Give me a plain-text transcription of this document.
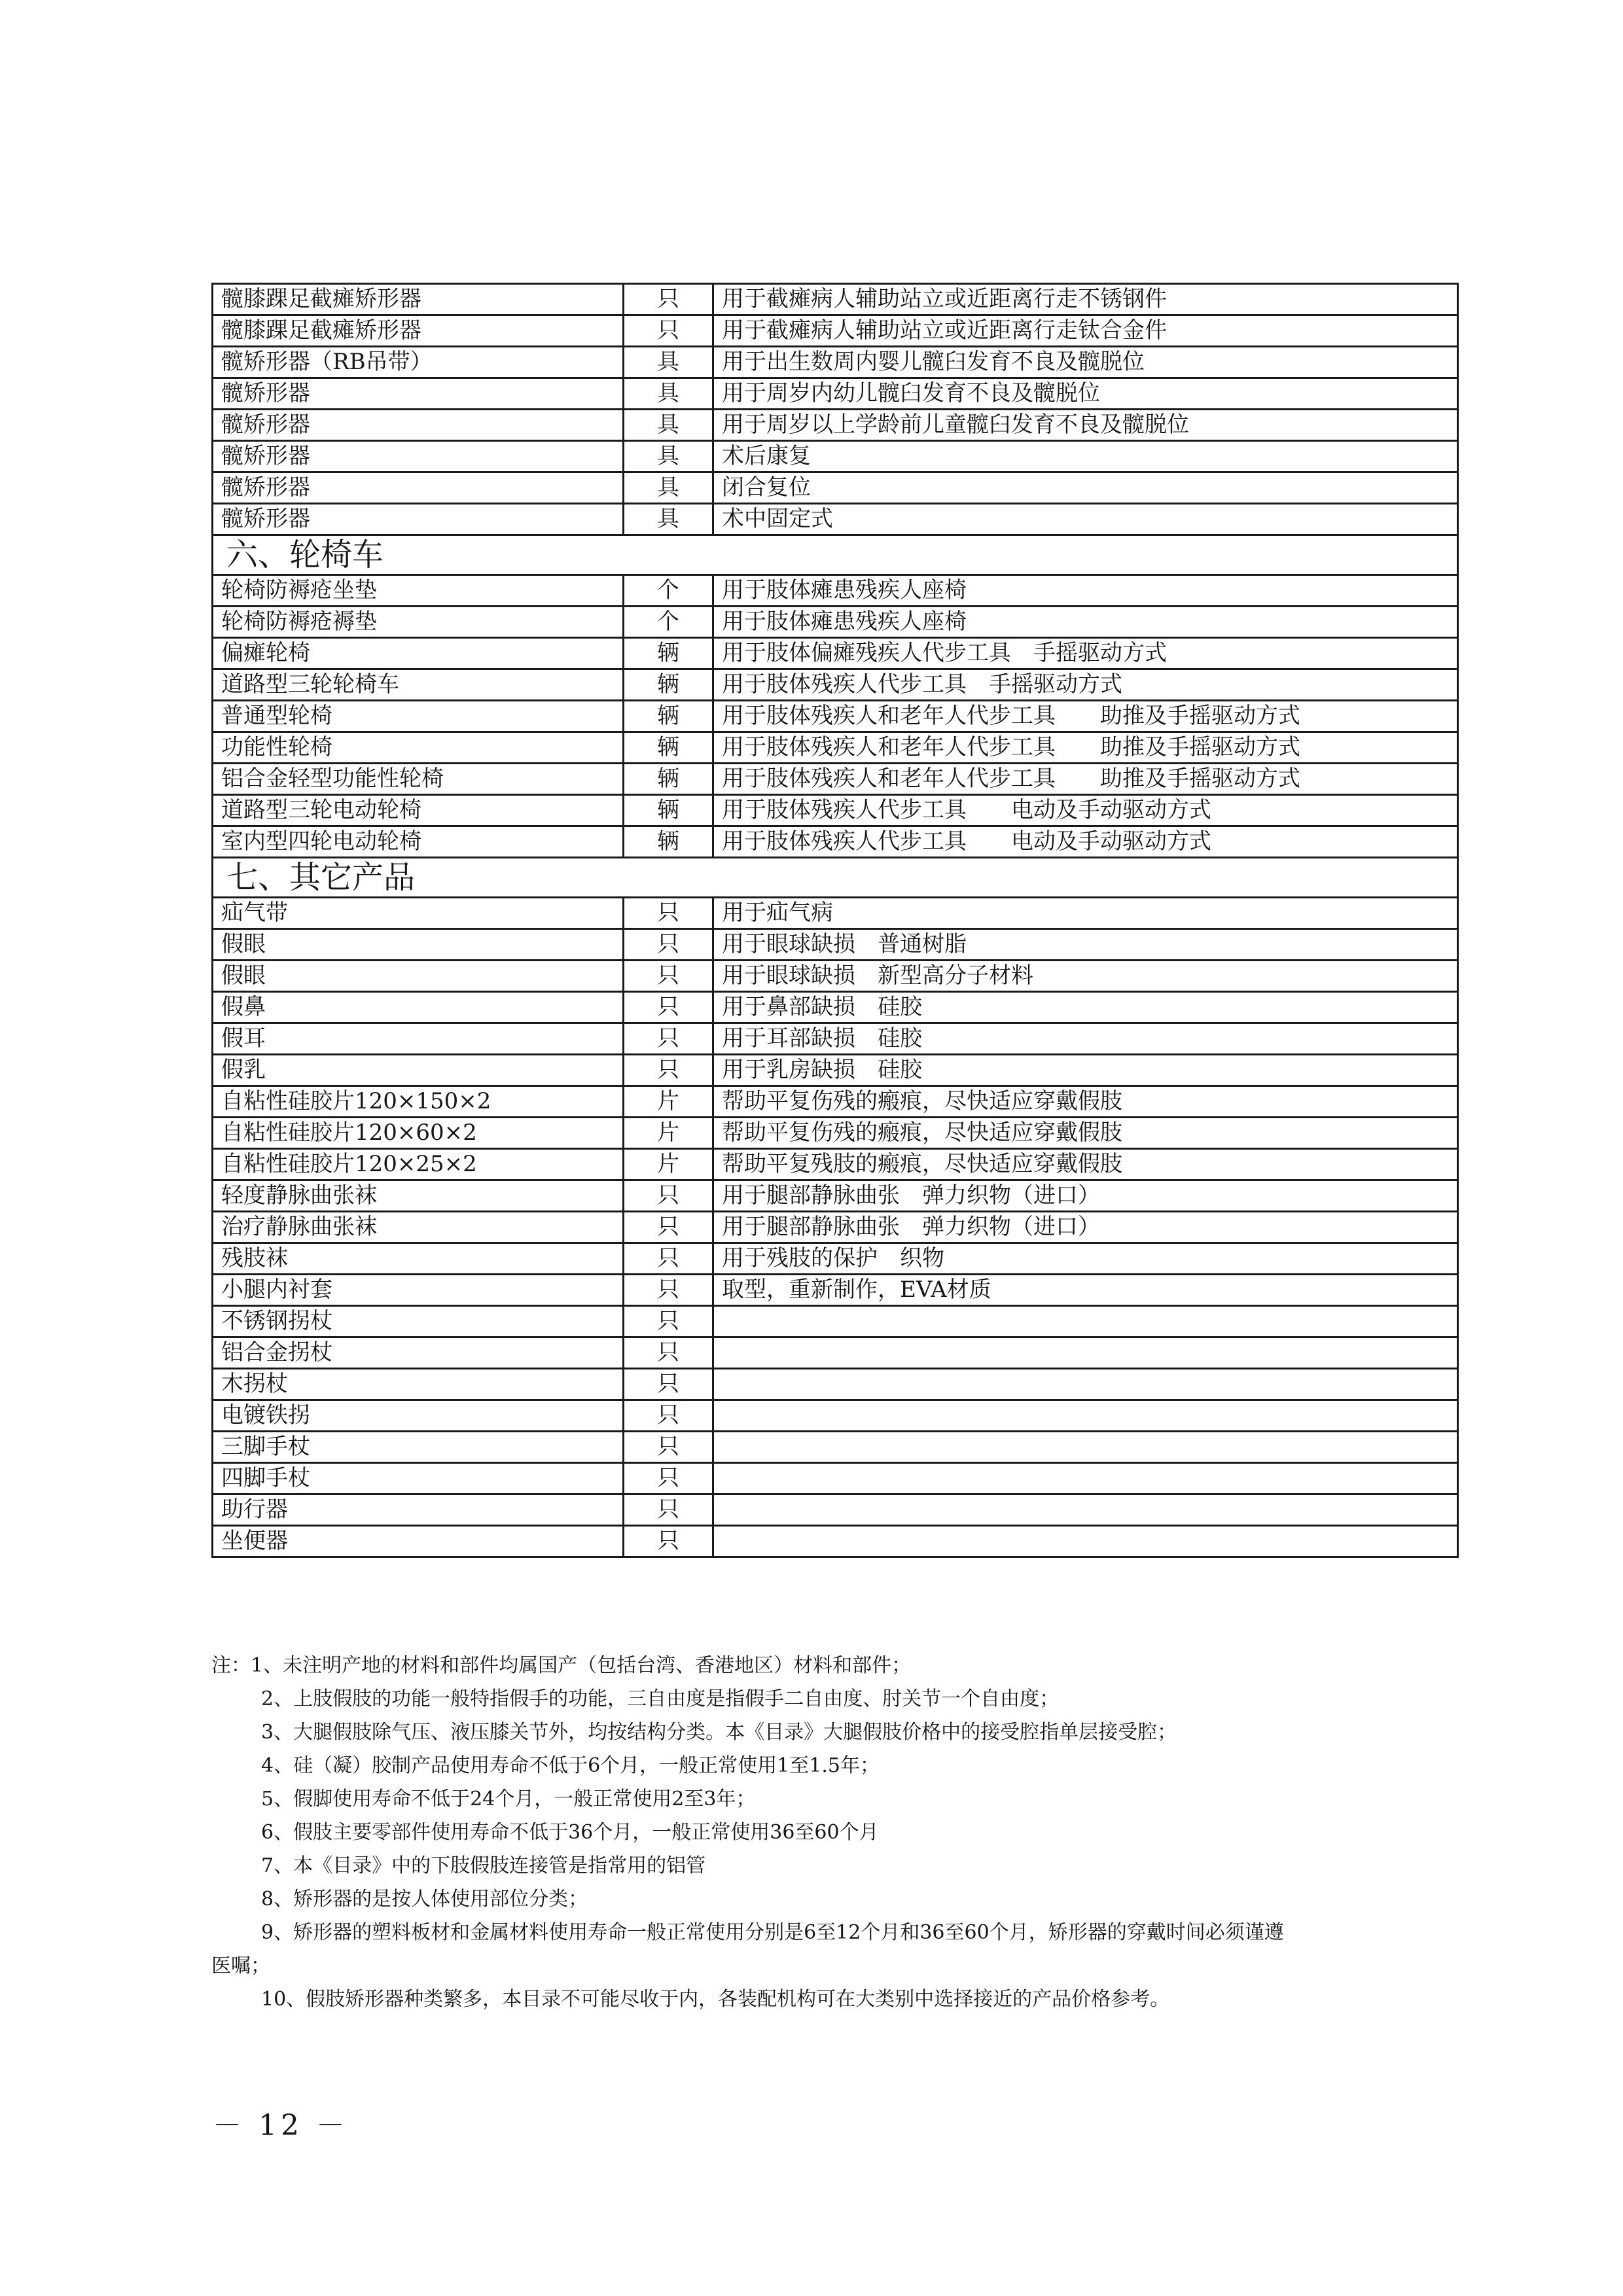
髋膝踝足截瘫矫形器	只	用于截瘫病人辅助站立或近距离行走不锈钢件
髋膝踝足截瘫矫形器	只	用于截瘫病人辅助站立或近距离行走钛合金件
髋矫形器（RB吊带）	具	用于出生数周内婴儿髋臼发育不良及髋脱位
髋矫形器	具	用于周岁内幼儿髋臼发育不良及髋脱位
髋矫形器	具	用于周岁以上学龄前儿童髋臼发育不良及髋脱位
髋矫形器	具	术后康复
髋矫形器	具	闭合复位
髋矫形器	具	术中固定式
六、轮椅车		
轮椅防褥疮坐垫	个	用于肢体瘫患残疾人座椅
轮椅防褥疮褥垫	个	用于肢体瘫患残疾人座椅
偏瘫轮椅	辆	用于肢体偏瘫残疾人代步工具　手摇驱动方式
道路型三轮轮椅车	辆	用于肢体残疾人代步工具　手摇驱动方式
普通型轮椅	辆	用于肢体残疾人和老年人代步工具　　助推及手摇驱动方式
功能性轮椅	辆	用于肢体残疾人和老年人代步工具　　助推及手摇驱动方式
铝合金轻型功能性轮椅	辆	用于肢体残疾人和老年人代步工具　　助推及手摇驱动方式
道路型三轮电动轮椅	辆	用于肢体残疾人代步工具　　电动及手动驱动方式
室内型四轮电动轮椅	辆	用于肢体残疾人代步工具　　电动及手动驱动方式
七、其它产品		
疝气带	只	用于疝气病
假眼	只	用于眼球缺损　普通树脂
假眼	只	用于眼球缺损　新型高分子材料
假鼻	只	用于鼻部缺损　硅胶
假耳	只	用于耳部缺损　硅胶
假乳	只	用于乳房缺损　硅胶
自粘性硅胶片120×150×2	片	帮助平复伤残的瘢痕，尽快适应穿戴假肢
自粘性硅胶片120×60×2	片	帮助平复伤残的瘢痕，尽快适应穿戴假肢
自粘性硅胶片120×25×2	片	帮助平复残肢的瘢痕，尽快适应穿戴假肢
轻度静脉曲张袜	只	用于腿部静脉曲张　弹力织物（进口）
治疗静脉曲张袜	只	用于腿部静脉曲张　弹力织物（进口）
残肢袜	只	用于残肢的保护　织物
小腿内衬套	只	取型，重新制作，EVA材质
不锈钢拐杖	只	
铝合金拐杖	只	
木拐杖	只	
电镀铁拐	只	
三脚手杖	只	
四脚手杖	只	
助行器	只	
坐便器	只	
注：1、未注明产地的材料和部件均属国产（包括台湾、香港地区）材料和部件；
2、上肢假肢的功能一般特指假手的功能，三自由度是指假手二自由度、肘关节一个自由度；
3、大腿假肢除气压、液压膝关节外，均按结构分类。本《目录》大腿假肢价格中的接受腔指单层接受腔；
4、硅（凝）胶制产品使用寿命不低于6个月，一般正常使用1至1.5年；
5、假脚使用寿命不低于24个月，一般正常使用2至3年；
6、假肢主要零部件使用寿命不低于36个月，一般正常使用36至60个月
7、本《目录》中的下肢假肢连接管是指常用的铝管
8、矫形器的是按人体使用部位分类；
9、矫形器的塑料板材和金属材料使用寿命一般正常使用分别是6至12个月和36至60个月，矫形器的穿戴时间必须谨遵
医嘱；
10、假肢矫形器种类繁多，本目录不可能尽收于内，各装配机构可在大类别中选择接近的产品价格参考。
－ 12 －
